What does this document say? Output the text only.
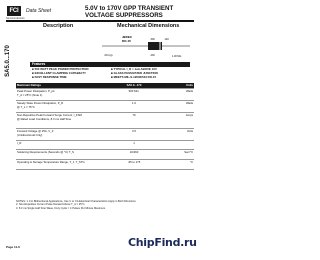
FCI
Semiconductors
Data Sheet	5.0V to 170V GPP TRANSIENT
VOLTAGE SUPPRESSORS
SA5.0...170
Description	Mechanical Dimensions
JEDEC
DO-15
1.00 Min.
.300
.230
.140
.031 typ.
Features
■ 500 WATT PEAK POWER PROTECTION
■ EXCELLENT CLAMPING CAPABILITY
■ FAST RESPONSE TIME
■ TYPICAL I_R < 1uA ABOVE 10V
■ GLASS PASSIVATED JUNCTION
■ MEETS MIL-S-19500/543 DO-15
Maximum Ratings	SA5.0...170	Units

Peak Power Dissipation, P_pk
T_A = 25°C (Note 1)	500 Min.	Watts

Steady State Power Dissipation, P_D
@ T_L = 75°C	1.0	Watts

Non-Repetitive Peak Forward Surge Current, I_FSM
@ Rated Load Conditions, 8.3 ms Half Sine	70	Amps

Forward Voltage @ 25A, V_F
(Unidirectional Only)	3.5	Volts

I_R	1	

Soldering Requirements (Seconds @ °C) T_S	10/260	Sec/°C

Operating & Storage Temperature Range, T_J, T_STG	-65 to 175	°C
NOTES: 1. For Bidirectional Applications, Use C or CA Electrical Characteristics Apply in Both Directions.
2. Non-Repetitive Current Pulse Derated Above T_A = 25°C.
3. 8.3 ms Single Half Sine Wave, Duty Cycle = 4 Pulses Per Minute Maximum.
Page 11-6	ChipFind.ru
